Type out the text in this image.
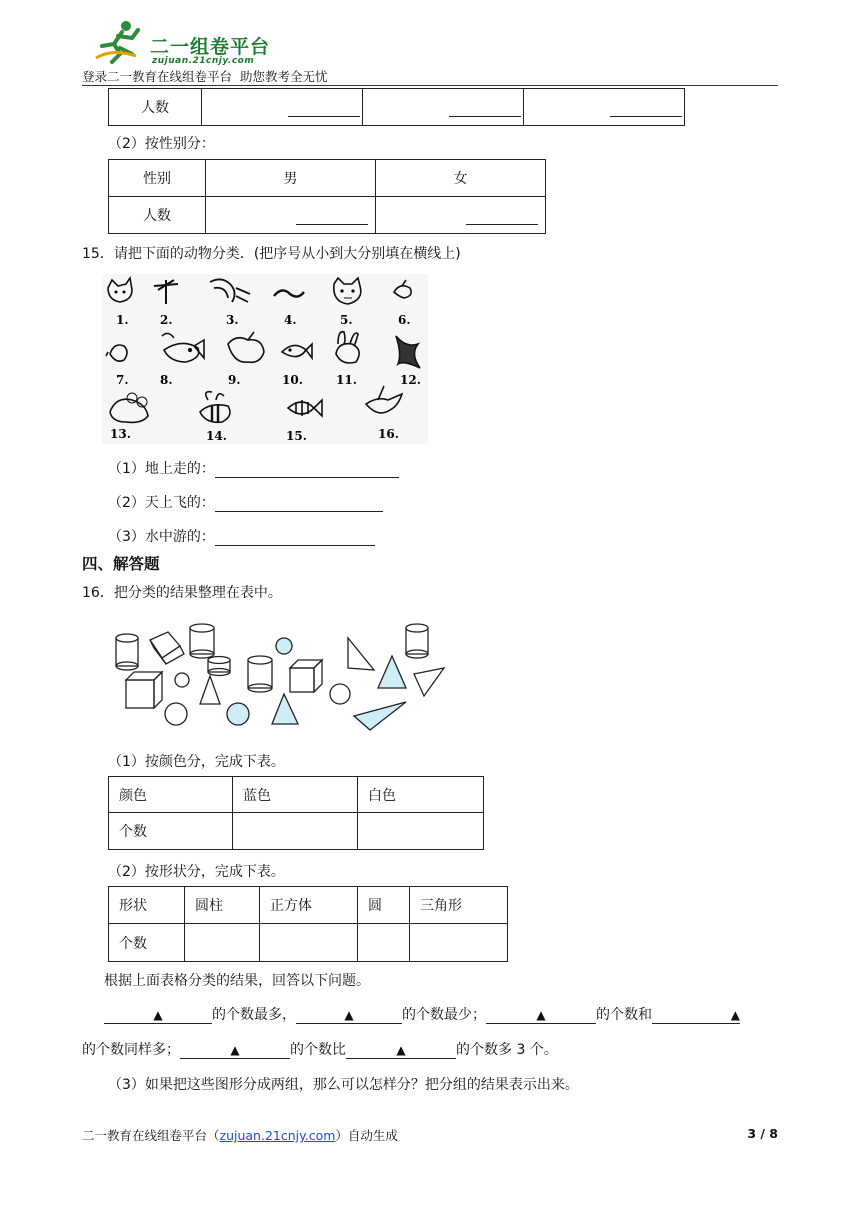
二一组卷平台
zujuan.21cnjy.com
登录二一教育在线组卷平台  助您教考全无忧
人数	

（2）按性别分：
性别	男	女
人数	

15．请把下面的动物分类．(把序号从小到大分别填在横线上)
1.	2.	3.	4.	5.	6.
7.	8.	9.	10.	11.	12.
13.	14.	15.	16.
（1）地上走的：
（2）天上飞的：
（3）水中游的：
四、解答题
16．把分类的结果整理在表中。
（1）按颜色分，完成下表。
颜色	蓝色	白色
个数		
（2）按形状分，完成下表。
形状	圆柱	正方体	圆	三角形
个数				
根据上面表格分类的结果，回答以下问题。
▲	的个数最多，	▲	的个数最少；	▲	的个数和	▲
的个数同样多；	▲	的个数比	▲	的个数多 3 个。
（3）如果把这些图形分成两组，那么可以怎样分？把分组的结果表示出来。
二一教育在线组卷平台（zujuan.21cnjy.com）自动生成	3 / 8
